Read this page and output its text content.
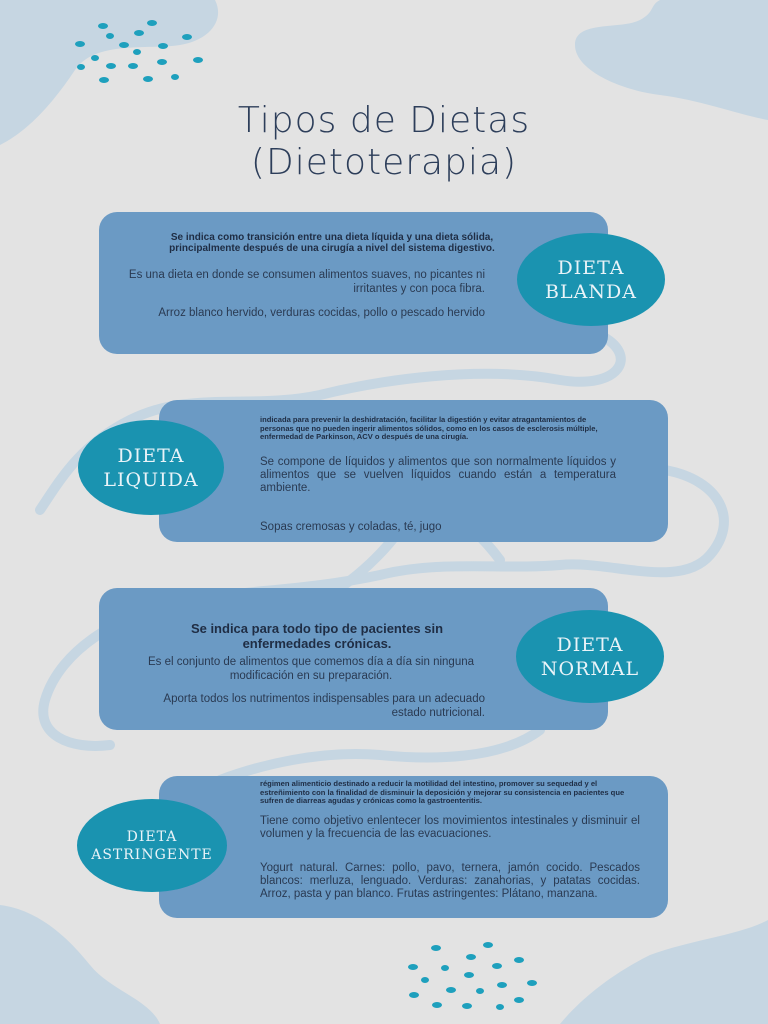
Tipos de Dietas
(Dietoterapia)
Se indica como transición entre una dieta líquida y una dieta sólida, principalmente después de una cirugía a nivel del sistema digestivo.
Es una dieta en donde se consumen alimentos suaves, no picantes ni irritantes y con poca fibra.
Arroz blanco hervido, verduras cocidas, pollo o pescado hervido
DIETA
BLANDA
indicada para prevenir la deshidratación, facilitar la digestión y evitar atragantamientos de personas que no pueden ingerir alimentos sólidos, como en los casos de esclerosis múltiple, enfermedad de Parkinson, ACV o después de una cirugía.
Se compone de líquidos y alimentos que son normalmente líquidos y alimentos que se vuelven líquidos cuando están a temperatura ambiente.
Sopas cremosas y coladas, té, jugo
DIETA
LIQUIDA
Se indica para todo tipo de pacientes sin enfermedades crónicas.
Es el conjunto de alimentos que comemos día a día sin ninguna modificación en su preparación.
Aporta todos los nutrimentos indispensables para un adecuado estado nutricional.
DIETA
NORMAL
régimen alimenticio destinado a reducir la motilidad del intestino, promover su sequedad y el estreñimiento con la finalidad de disminuir la deposición y mejorar su consistencia en pacientes que sufren de diarreas agudas y crónicas como la gastroenteritis.
Tiene como objetivo enlentecer los movimientos intestinales y disminuir el volumen y la frecuencia de las evacuaciones.
Yogurt natural. Carnes: pollo, pavo, ternera, jamón cocido. Pescados blancos: merluza, lenguado. Verduras: zanahorias, y patatas cocidas. Arroz, pasta y pan blanco. Frutas astringentes: Plátano, manzana.
DIETA
ASTRINGENTE
